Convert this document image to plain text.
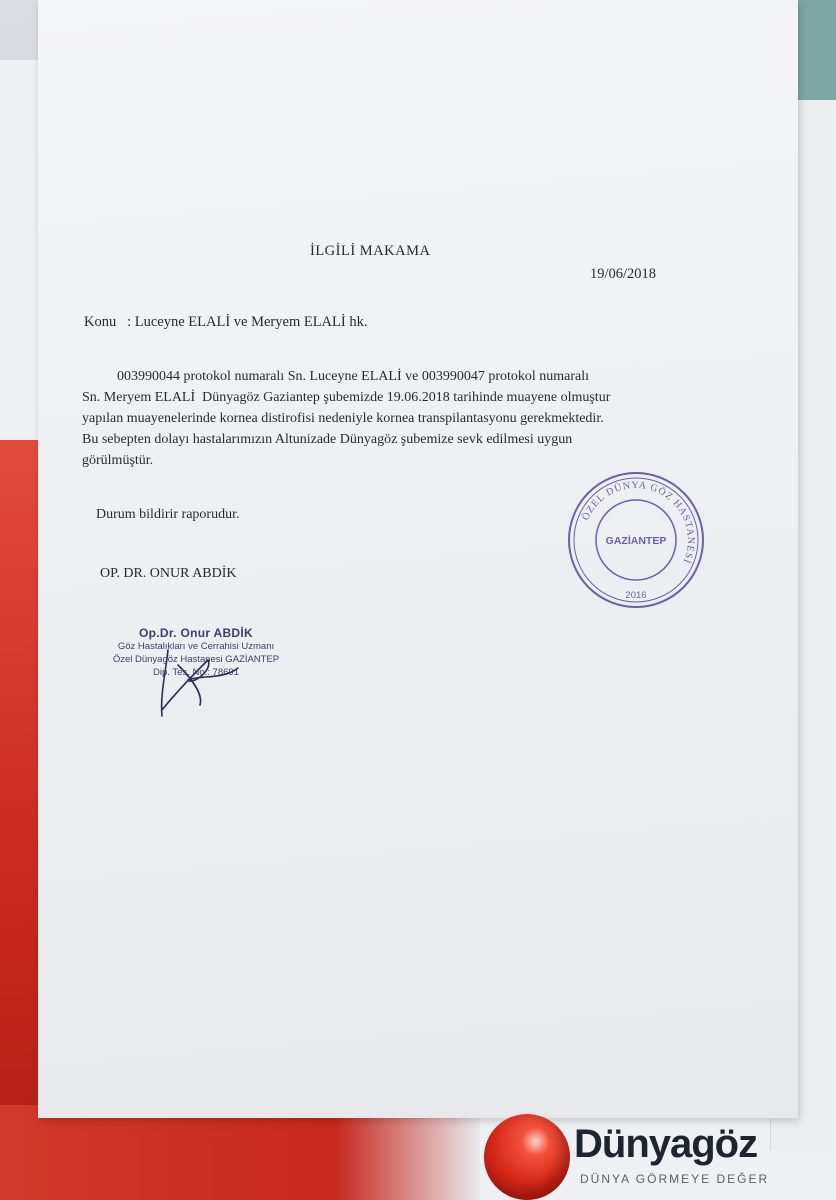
İLGİLİ MAKAMA
19/06/2018
Konu   : Luceyne ELALİ ve Meryem ELALİ hk.
003990044 protokol numaralı Sn. Luceyne ELALİ ve 003990047 protokol numaralı
Sn. Meryem ELALİ  Dünyagöz Gaziantep şubemizde 19.06.2018 tarihinde muayene olmuştur
yapılan muayenelerinde kornea distirofisi nedeniyle kornea transpilantasyonu gerekmektedir.
Bu sebepten dolayı hastalarımızın Altunizade Dünyagöz şubemize sevk edilmesi uygun
görülmüştür.
Durum bildirir raporudur.
OP. DR. ONUR ABDİK
Op.Dr. Onur ABDİK
Göz Hastalıkları ve Cerrahisi Uzmanı
Özel Dünyagöz Hastanesi GAZİANTEP
Dip. Tes. No.: 78691
ÖZEL DÜNYA GÖZ HASTANESİ
GAZİANTEP
2016
Dünyagöz
DÜNYA GÖRMEYE DEĞER
